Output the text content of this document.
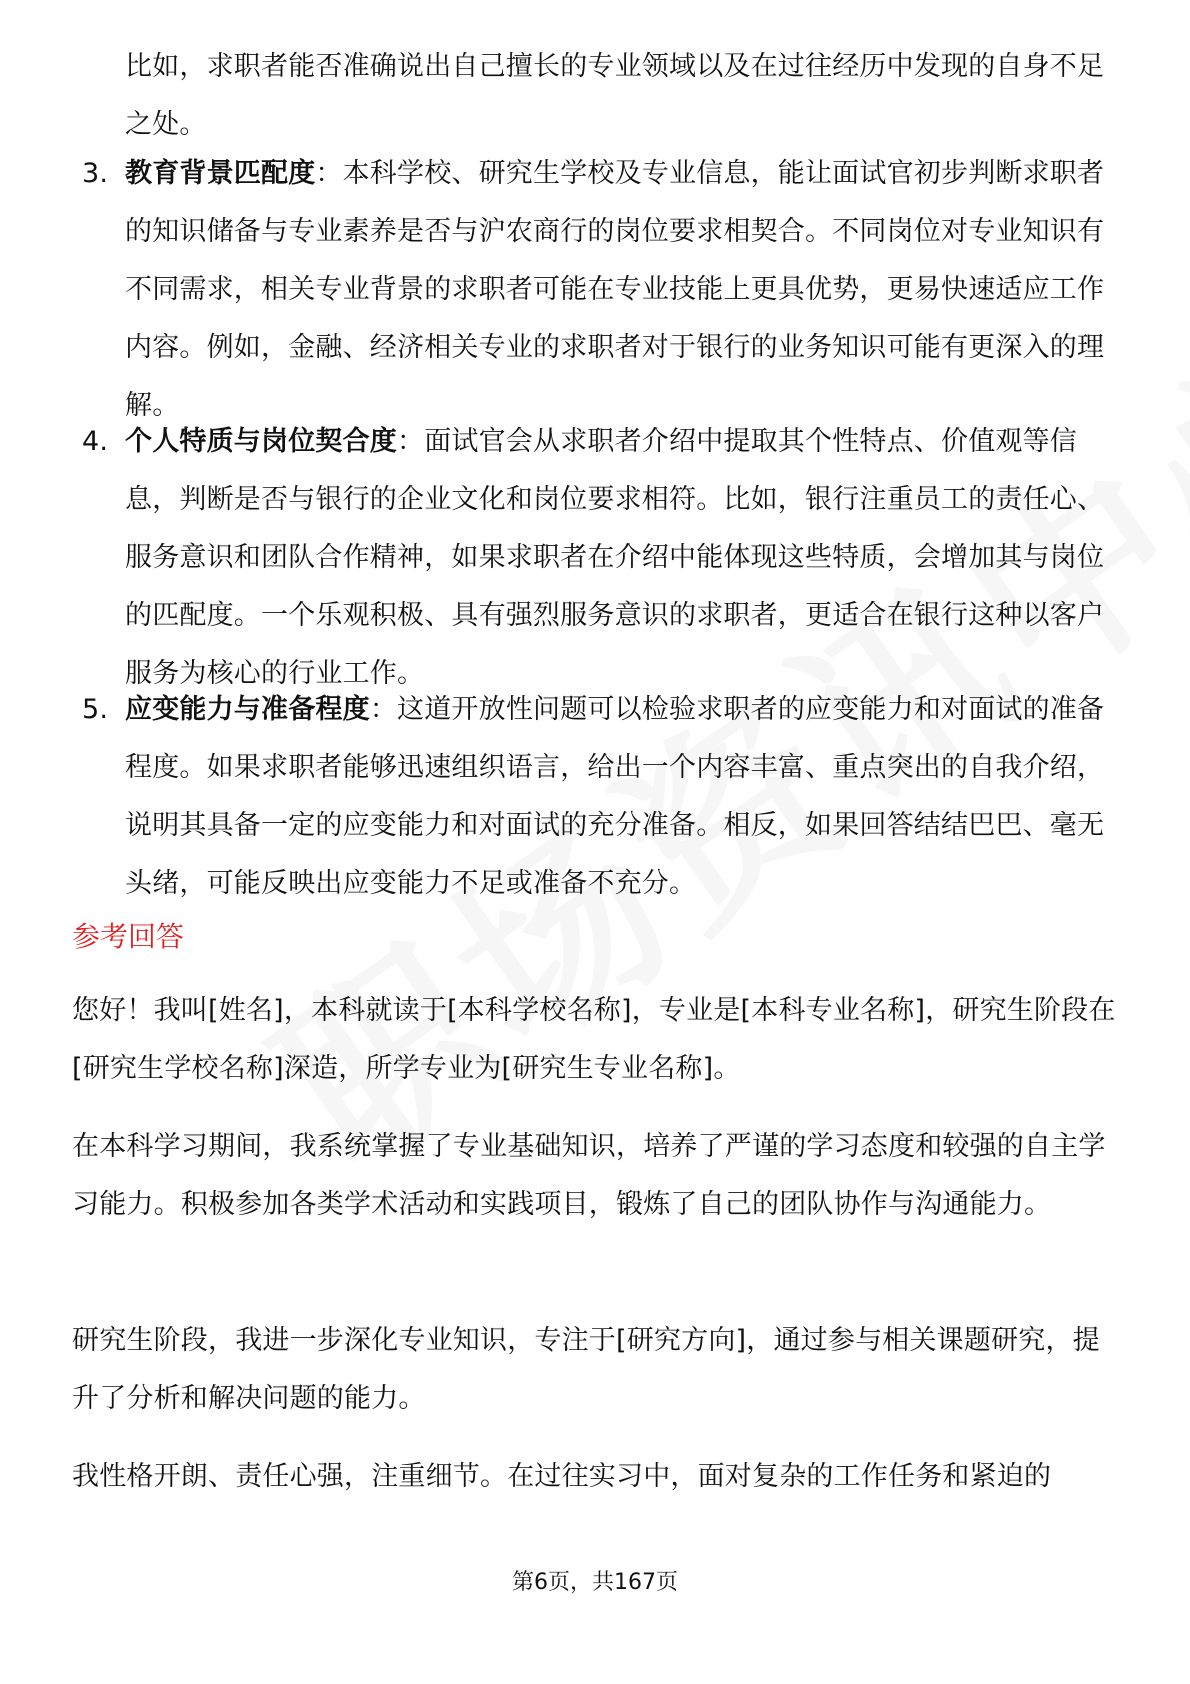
比如，求职者能否准确说出自己擅长的专业领域以及在过往经历中发现的自身不足之处。
3. 教育背景匹配度：本科学校、研究生学校及专业信息，能让面试官初步判断求职者的知识储备与专业素养是否与沪农商行的岗位要求相契合。不同岗位对专业知识有不同需求，相关专业背景的求职者可能在专业技能上更具优势，更易快速适应工作内容。例如，金融、经济相关专业的求职者对于银行的业务知识可能有更深入的理解。
4. 个人特质与岗位契合度：面试官会从求职者介绍中提取其个性特点、价值观等信息，判断是否与银行的企业文化和岗位要求相符。比如，银行注重员工的责任心、服务意识和团队合作精神，如果求职者在介绍中能体现这些特质，会增加其与岗位的匹配度。一个乐观积极、具有强烈服务意识的求职者，更适合在银行这种以客户服务为核心的行业工作。
5. 应变能力与准备程度：这道开放性问题可以检验求职者的应变能力和对面试的准备程度。如果求职者能够迅速组织语言，给出一个内容丰富、重点突出的自我介绍，说明其具备一定的应变能力和对面试的充分准备。相反，如果回答结结巴巴、毫无头绪，可能反映出应变能力不足或准备不充分。
参考回答
您好！我叫[姓名]，本科就读于[本科学校名称]，专业是[本科专业名称]，研究生阶段在[研究生学校名称]深造，所学专业为[研究生专业名称]。
在本科学习期间，我系统掌握了专业基础知识，培养了严谨的学习态度和较强的自主学习能力。积极参加各类学术活动和实践项目，锻炼了自己的团队协作与沟通能力。
研究生阶段，我进一步深化专业知识，专注于[研究方向]，通过参与相关课题研究，提升了分析和解决问题的能力。
我性格开朗、责任心强，注重细节。在过往实习中，面对复杂的工作任务和紧迫的
第6页，共167页
